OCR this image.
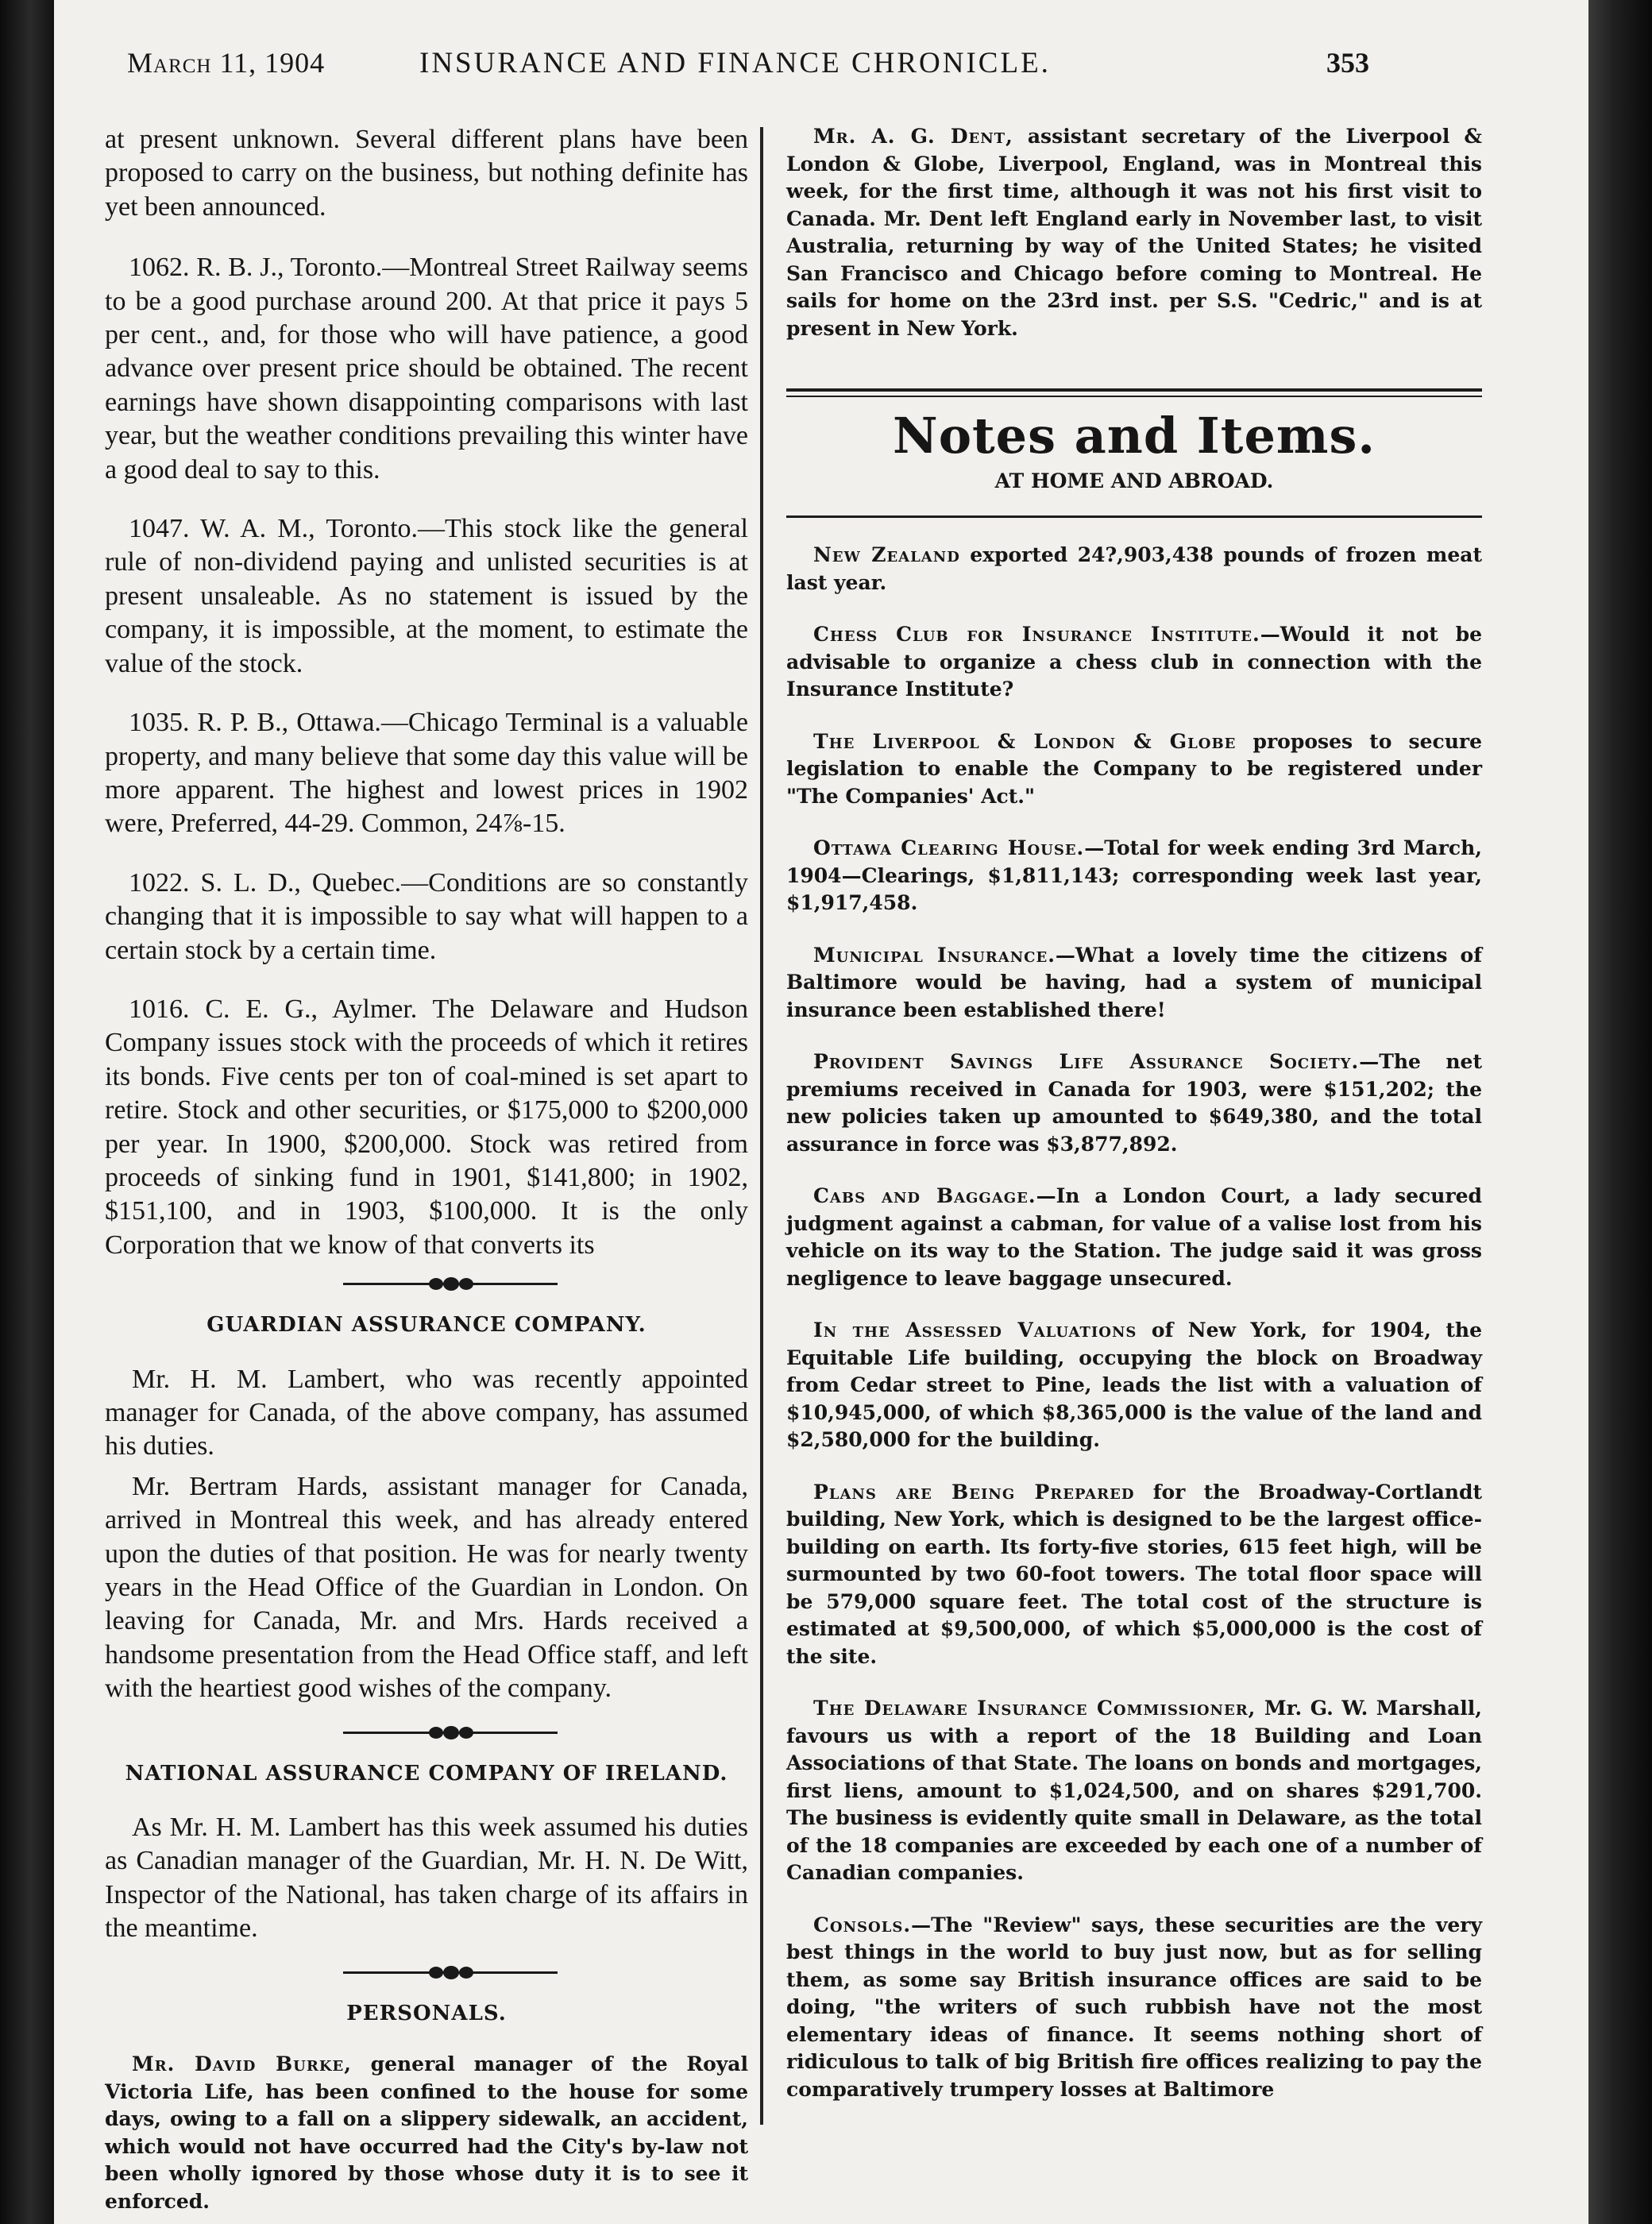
March 11, 1904	INSURANCE AND FINANCE CHRONICLE.	353

at present unknown. Several different plans have been proposed to carry on the business, but nothing definite has yet been announced.

1062. R. B. J., Toronto.—Montreal Street Railway seems to be a good purchase around 200. At that price it pays 5 per cent., and, for those who will have patience, a good advance over present price should be obtained. The recent earnings have shown disappointing comparisons with last year, but the weather conditions prevailing this winter have a good deal to say to this.

1047. W. A. M., Toronto.—This stock like the general rule of non-dividend paying and unlisted securities is at present unsaleable. As no statement is issued by the company, it is impossible, at the moment, to estimate the value of the stock.

1035. R. P. B., Ottawa.—Chicago Terminal is a valuable property, and many believe that some day this value will be more apparent. The highest and lowest prices in 1902 were, Preferred, 44-29. Common, 24⅞-15.

1022. S. L. D., Quebec.—Conditions are so constantly changing that it is impossible to say what will happen to a certain stock by a certain time.

1016. C. E. G., Aylmer. The Delaware and Hudson Company issues stock with the proceeds of which it retires its bonds. Five cents per ton of coal-mined is set apart to retire. Stock and other securities, or $175,000 to $200,000 per year. In 1900, $200,000. Stock was retired from proceeds of sinking fund in 1901, $141,800; in 1902, $151,100, and in 1903, $100,000. It is the only Corporation that we know of that converts its

GUARDIAN ASSURANCE COMPANY.

Mr. H. M. Lambert, who was recently appointed manager for Canada, of the above company, has assumed his duties.

Mr. Bertram Hards, assistant manager for Canada, arrived in Montreal this week, and has already entered upon the duties of that position. He was for nearly twenty years in the Head Office of the Guardian in London. On leaving for Canada, Mr. and Mrs. Hards received a handsome presentation from the Head Office staff, and left with the heartiest good wishes of the company.

NATIONAL ASSURANCE COMPANY OF IRELAND.

As Mr. H. M. Lambert has this week assumed his duties as Canadian manager of the Guardian, Mr. H. N. De Witt, Inspector of the National, has taken charge of its affairs in the meantime.

PERSONALS.

Mr. David Burke, general manager of the Royal Victoria Life, has been confined to the house for some days, owing to a fall on a slippery sidewalk, an accident, which would not have occurred had the City's by-law not been wholly ignored by those whose duty it is to see it enforced.

Mr. A. G. Dent, assistant secretary of the Liverpool & London & Globe, Liverpool, England, was in Montreal this week, for the first time, although it was not his first visit to Canada. Mr. Dent left England early in November last, to visit Australia, returning by way of the United States; he visited San Francisco and Chicago before coming to Montreal. He sails for home on the 23rd inst. per S.S. "Cedric," and is at present in New York.

Notes and Items.
AT HOME AND ABROAD.

New Zealand exported 24?,903,438 pounds of frozen meat last year.

Chess Club for Insurance Institute.—Would it not be advisable to organize a chess club in connection with the Insurance Institute?

The Liverpool & London & Globe proposes to secure legislation to enable the Company to be registered under "The Companies' Act."

Ottawa Clearing House.—Total for week ending 3rd March, 1904—Clearings, $1,811,143; corresponding week last year, $1,917,458.

Municipal Insurance.—What a lovely time the citizens of Baltimore would be having, had a system of municipal insurance been established there!

Provident Savings Life Assurance Society.—The net premiums received in Canada for 1903, were $151,202; the new policies taken up amounted to $649,380, and the total assurance in force was $3,877,892.

Cabs and Baggage.—In a London Court, a lady secured judgment against a cabman, for value of a valise lost from his vehicle on its way to the Station. The judge said it was gross negligence to leave baggage unsecured.

In the Assessed Valuations of New York, for 1904, the Equitable Life building, occupying the block on Broadway from Cedar street to Pine, leads the list with a valuation of $10,945,000, of which $8,365,000 is the value of the land and $2,580,000 for the building.

Plans are Being Prepared for the Broadway-Cortlandt building, New York, which is designed to be the largest office-building on earth. Its forty-five stories, 615 feet high, will be surmounted by two 60-foot towers. The total floor space will be 579,000 square feet. The total cost of the structure is estimated at $9,500,000, of which $5,000,000 is the cost of the site.

The Delaware Insurance Commissioner, Mr. G. W. Marshall, favours us with a report of the 18 Building and Loan Associations of that State. The loans on bonds and mortgages, first liens, amount to $1,024,500, and on shares $291,700. The business is evidently quite small in Delaware, as the total of the 18 companies are exceeded by each one of a number of Canadian companies.

Consols.—The "Review" says, these securities are the very best things in the world to buy just now, but as for selling them, as some say British insurance offices are said to be doing, "the writers of such rubbish have not the most elementary ideas of finance. It seems nothing short of ridiculous to talk of big British fire offices realizing to pay the comparatively trumpery losses at Baltimore
